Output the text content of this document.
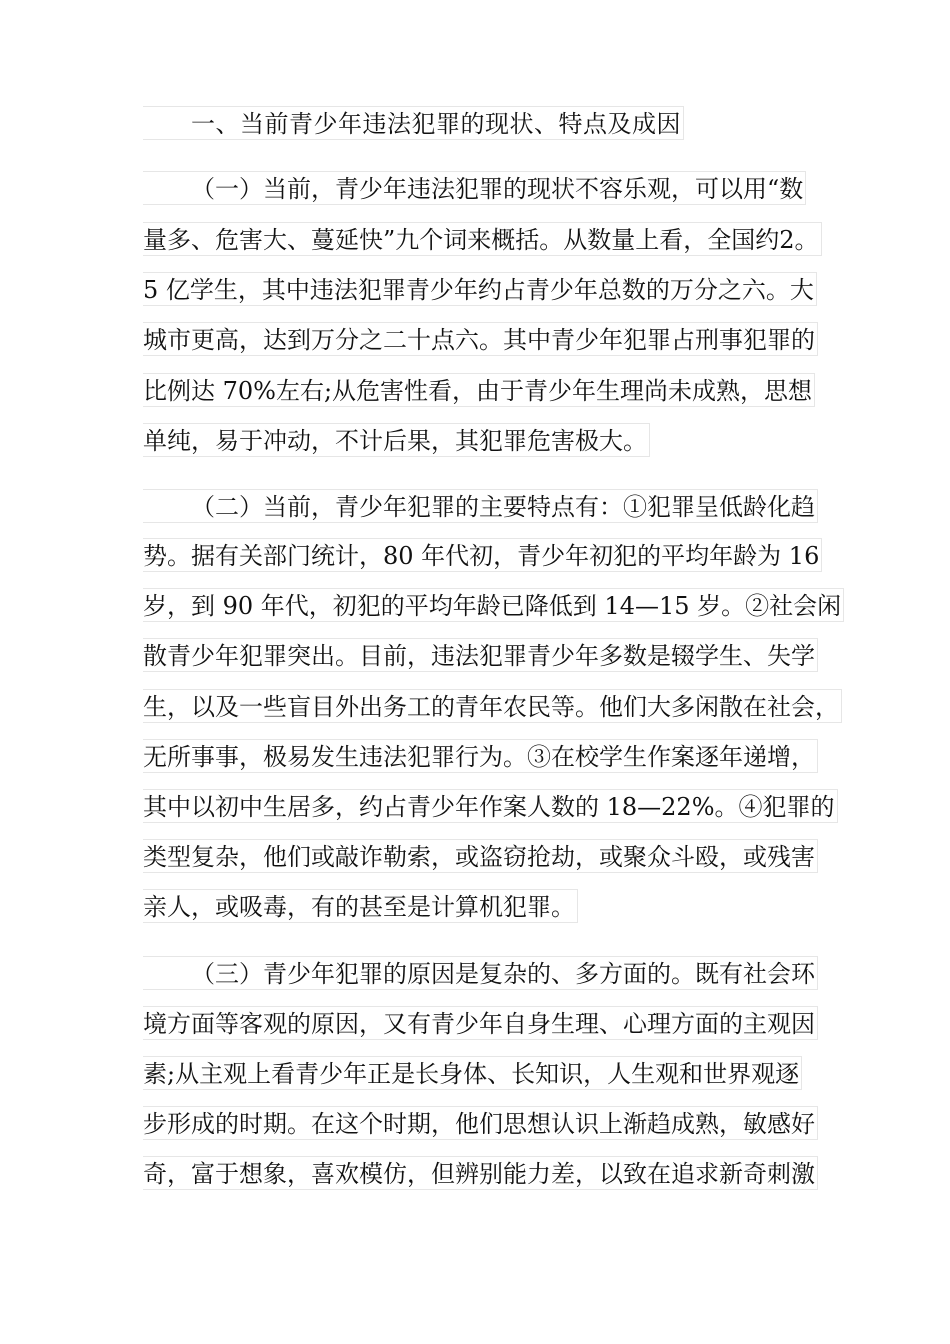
一、当前青少年违法犯罪的现状、特点及成因
（一）当前，青少年违法犯罪的现状不容乐观，可以用“数
量多、危害大、蔓延快”九个词来概括。从数量上看，全国约2。
5 亿学生，其中违法犯罪青少年约占青少年总数的万分之六。大
城市更高，达到万分之二十点六。其中青少年犯罪占刑事犯罪的
比例达 70%左右;从危害性看，由于青少年生理尚未成熟，思想
单纯，易于冲动，不计后果，其犯罪危害极大。
（二）当前，青少年犯罪的主要特点有：①犯罪呈低龄化趋
势。据有关部门统计，80 年代初，青少年初犯的平均年龄为 16
岁，到 90 年代，初犯的平均年龄已降低到 14—15 岁。②社会闲
散青少年犯罪突出。目前，违法犯罪青少年多数是辍学生、失学
生，以及一些盲目外出务工的青年农民等。他们大多闲散在社会，
无所事事，极易发生违法犯罪行为。③在校学生作案逐年递增，
其中以初中生居多，约占青少年作案人数的 18—22%。④犯罪的
类型复杂，他们或敲诈勒索，或盗窃抢劫，或聚众斗殴，或残害
亲人，或吸毒，有的甚至是计算机犯罪。
（三）青少年犯罪的原因是复杂的、多方面的。既有社会环
境方面等客观的原因，又有青少年自身生理、心理方面的主观因
素;从主观上看青少年正是长身体、长知识，人生观和世界观逐
步形成的时期。在这个时期，他们思想认识上渐趋成熟，敏感好
奇，富于想象，喜欢模仿，但辨别能力差，以致在追求新奇刺激
